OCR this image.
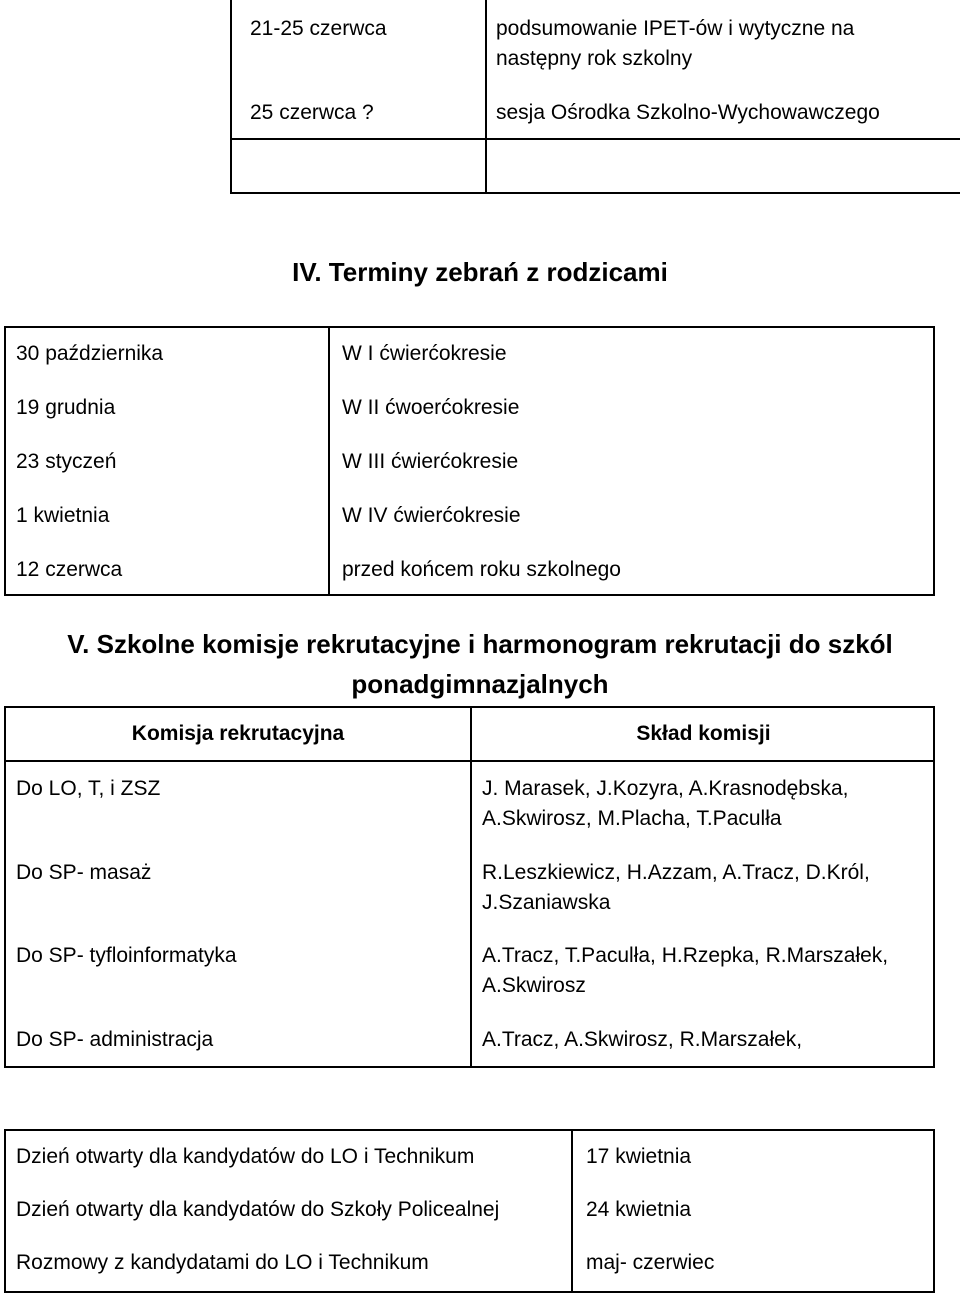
21-25 czerwca	podsumowanie IPET-ów i wytyczne na następny rok szkolny
25 czerwca ?	sesja Ośrodka Szkolno-Wychowawczego
IV. Terminy zebrań z rodzicami
30 października	W I ćwierćokresie
19 grudnia	W II ćwoerćokresie
23 styczeń	W III ćwierćokresie
1 kwietnia	W IV ćwierćokresie
12 czerwca	przed końcem roku szkolnego
V. Szkolne komisje rekrutacyjne i harmonogram rekrutacji do szkól
ponadgimnazjalnych
Komisja rekrutacyjna	Skład komisji
Do LO, T, i ZSZ	J. Marasek, J.Kozyra, A.Krasnodębska, A.Skwirosz, M.Placha, T.Paculła
Do SP- masaż	R.Leszkiewicz, H.Azzam, A.Tracz, D.Król, J.Szaniawska
Do SP- tyfloinformatyka	A.Tracz, T.Paculła, H.Rzepka, R.Marszałek, A.Skwirosz
Do SP- administracja	A.Tracz, A.Skwirosz, R.Marszałek,
Dzień otwarty dla kandydatów do LO i Technikum	17 kwietnia
Dzień otwarty dla kandydatów do Szkoły Policealnej	24 kwietnia
Rozmowy z kandydatami do LO i Technikum	maj- czerwiec
